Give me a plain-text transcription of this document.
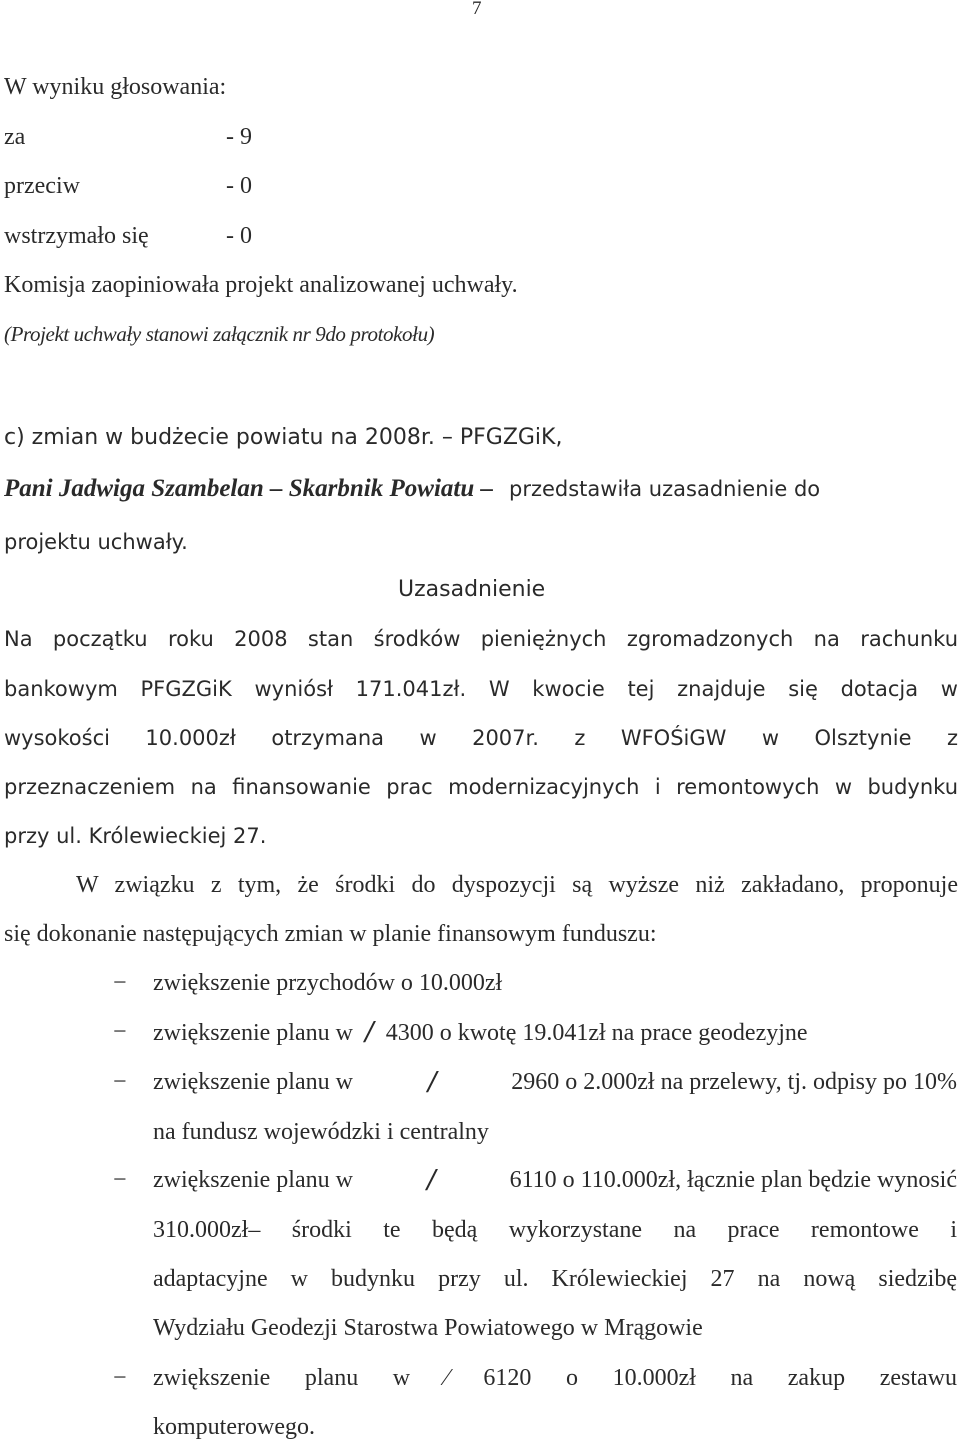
7
W wyniku głosowania:
za	- 9
przeciw	- 0
wstrzymało się	- 0
Komisja zaopiniowała projekt analizowanej uchwały.
(Projekt uchwały stanowi załącznik nr 9do protokołu)
c) zmian w budżecie powiatu na 2008r. – PFGZGiK,
Pani Jadwiga Szambelan – Skarbnik Powiatu – przedstawiła uzasadnienie do
projektu uchwały.
Uzasadnienie
Na początku roku 2008 stan środków pieniężnych zgromadzonych na rachunku
bankowym PFGZGiK wyniósł 171.041zł. W kwocie tej znajduje się dotacja w
wysokości 10.000zł otrzymana w 2007r. z WFOŚiGW w Olsztynie z
przeznaczeniem na finansowanie prac modernizacyjnych i remontowych w budynku
przy ul. Królewieckiej 27.
W związku z tym, że środki do dyspozycji są wyższe niż zakładano, proponuje
się dokonanie następujących zmian w planie finansowym funduszu:
− zwiększenie przychodów o 10.000zł
− zwiększenie planu w / 4300 o kwotę 19.041zł na prace geodezyjne
− zwiększenie planu w	/	2960 o 2.000zł na przelewy, tj. odpisy po 10%
na fundusz wojewódzki i centralny
− zwiększenie planu w	/	6110 o 110.000zł, łącznie plan będzie wynosić
310.000zł– środki te będą wykorzystane na prace remontowe i
adaptacyjne w budynku przy ul. Królewieckiej 27 na nową siedzibę
Wydziału Geodezji Starostwa Powiatowego w Mrągowie
− zwiększenie planu w ⁄ 6120 o 10.000zł na zakup zestawu
komputerowego.
